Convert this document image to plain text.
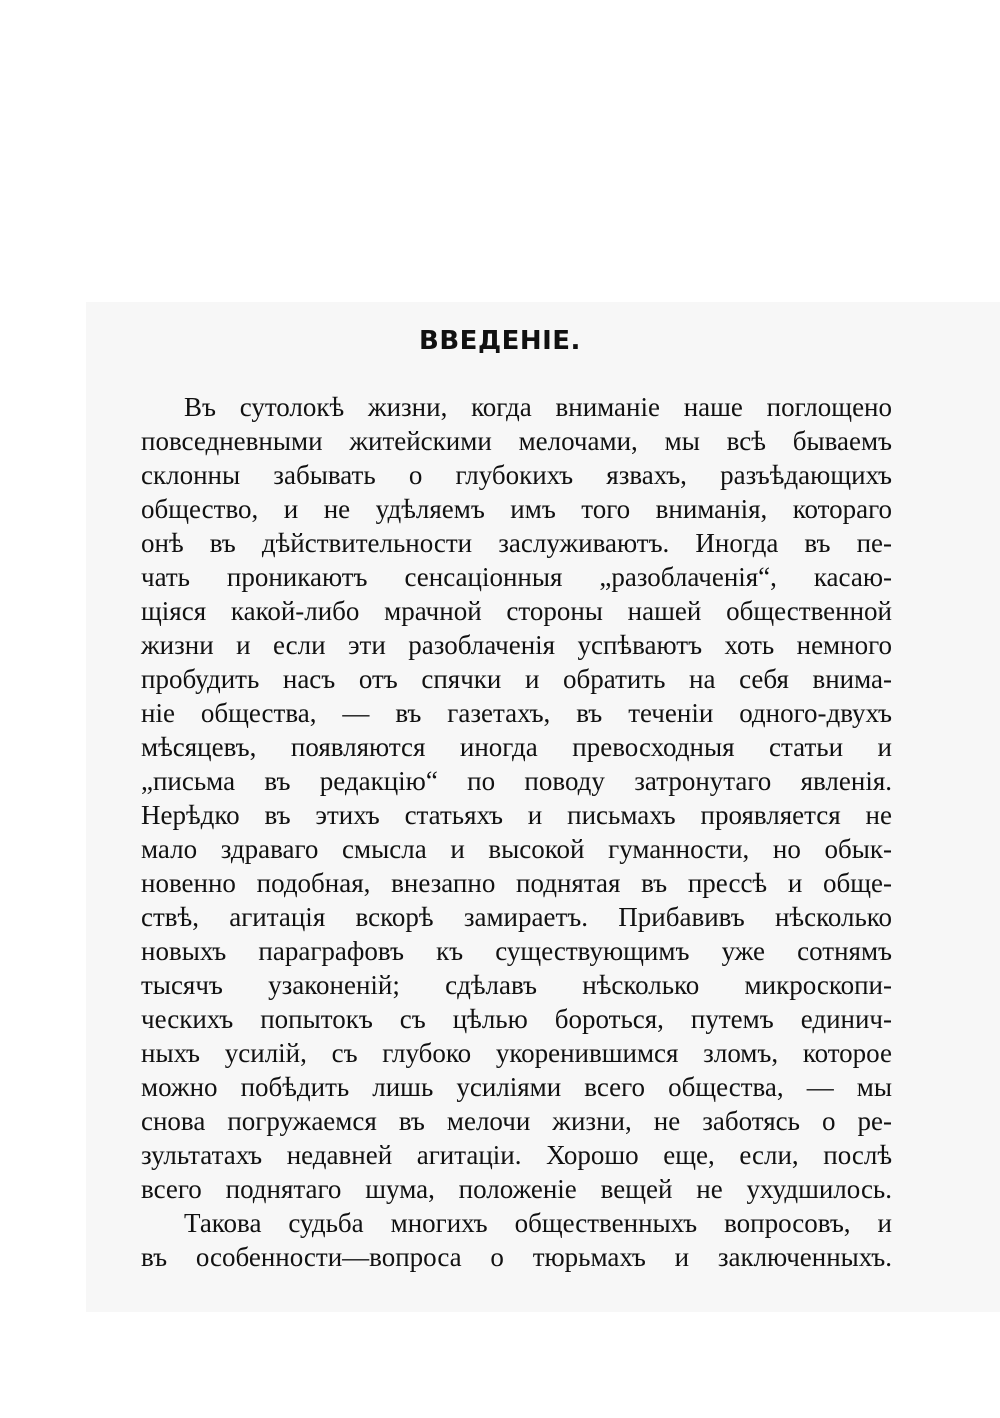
ВВЕДЕНІЕ.
Въ сутолокѣ жизни, когда вниманіе наше поглощено
повседневными житейскими мелочами, мы всѣ бываемъ
склонны забывать о глубокихъ язвахъ, разъѣдающихъ
общество, и не удѣляемъ имъ того вниманія, котораго
онѣ въ дѣйствительности заслуживаютъ. Иногда въ пе-
чать проникаютъ сенсаціонныя „разоблаченія“, касаю-
щіяся какой-либо мрачной стороны нашей общественной
жизни и если эти разоблаченія успѣваютъ хоть немного
пробудить насъ отъ спячки и обратить на себя внима-
ніе общества, — въ газетахъ, въ теченіи одного-двухъ
мѣсяцевъ, появляются иногда превосходныя статьи и
„письма въ редакцію“ по поводу затронутаго явленія.
Нерѣдко въ этихъ статьяхъ и письмахъ проявляется не
мало здраваго смысла и высокой гуманности, но обык-
новенно подобная, внезапно поднятая въ прессѣ и обще-
ствѣ, агитація вскорѣ замираетъ. Прибавивъ нѣсколько
новыхъ параграфовъ къ существующимъ уже сотнямъ
тысячъ узаконеній; сдѣлавъ нѣсколько микроскопи-
ческихъ попытокъ съ цѣлью бороться, путемъ единич-
ныхъ усилій, съ глубоко укоренившимся зломъ, которое
можно побѣдить лишь усиліями всего общества, — мы
снова погружаемся въ мелочи жизни, не заботясь о ре-
зультатахъ недавней агитаціи. Хорошо еще, если, послѣ
всего поднятаго шума, положеніе вещей не ухудшилось.
Такова судьба многихъ общественныхъ вопросовъ, и
въ особенности—вопроса о тюрьмахъ и заключенныхъ.
